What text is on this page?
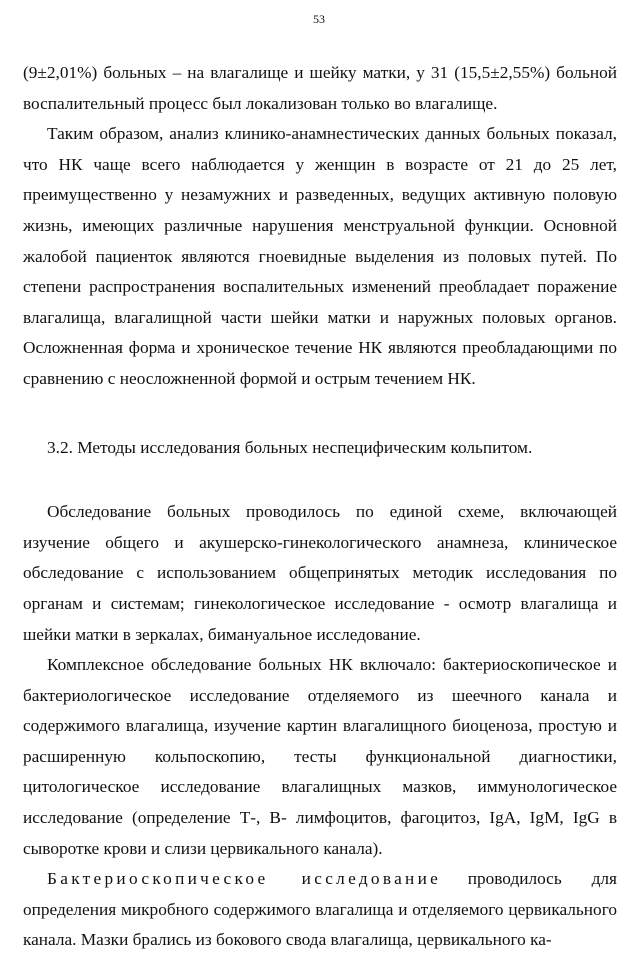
53

(9±2,01%) больных – на влагалище и шейку матки, у 31 (15,5±2,55%) больной воспалительный процесс был локализован только во влагалище.

Таким образом, анализ клинико-анамнестических данных больных показал, что НК чаще всего наблюдается у женщин в возрасте от 21 до 25 лет, преимущественно у незамужних и разведенных, ведущих активную половую жизнь, имеющих различные нарушения менструальной функции. Основной жалобой пациенток являются гноевидные выделения из половых путей. По степени распространения воспалительных изменений преобладает поражение влагалища, влагалищной части шейки матки и наружных половых органов. Осложненная форма и хроническое течение НК являются преобладающими по сравнению с неосложненной формой и острым течением НК.

3.2. Методы исследования больных неспецифическим кольпитом.

Обследование больных проводилось по единой схеме, включающей изучение общего и акушерско-гинекологического анамнеза, клиническое обследование с использованием общепринятых методик исследования по органам и системам; гинекологическое исследование - осмотр влагалища и шейки матки в зеркалах, бимануальное исследование.

Комплексное обследование больных НК включало: бактериоскопическое и бактериологическое исследование отделяемого из шеечного канала и содержимого влагалища, изучение картин влагалищного биоценоза, простую и расширенную кольпоскопию, тесты функциональной диагностики, цитологическое исследование влагалищных мазков, иммунологическое исследование (определение Т-, В- лимфоцитов, фагоцитоз, IgA, IgM, IgG в сыворотке крови и слизи цервикального канала).

Бактериоскопическое исследование проводилось для определения микробного содержимого влагалища и отделяемого цервикального канала. Мазки брались из бокового свода влагалища, цервикального ка-
